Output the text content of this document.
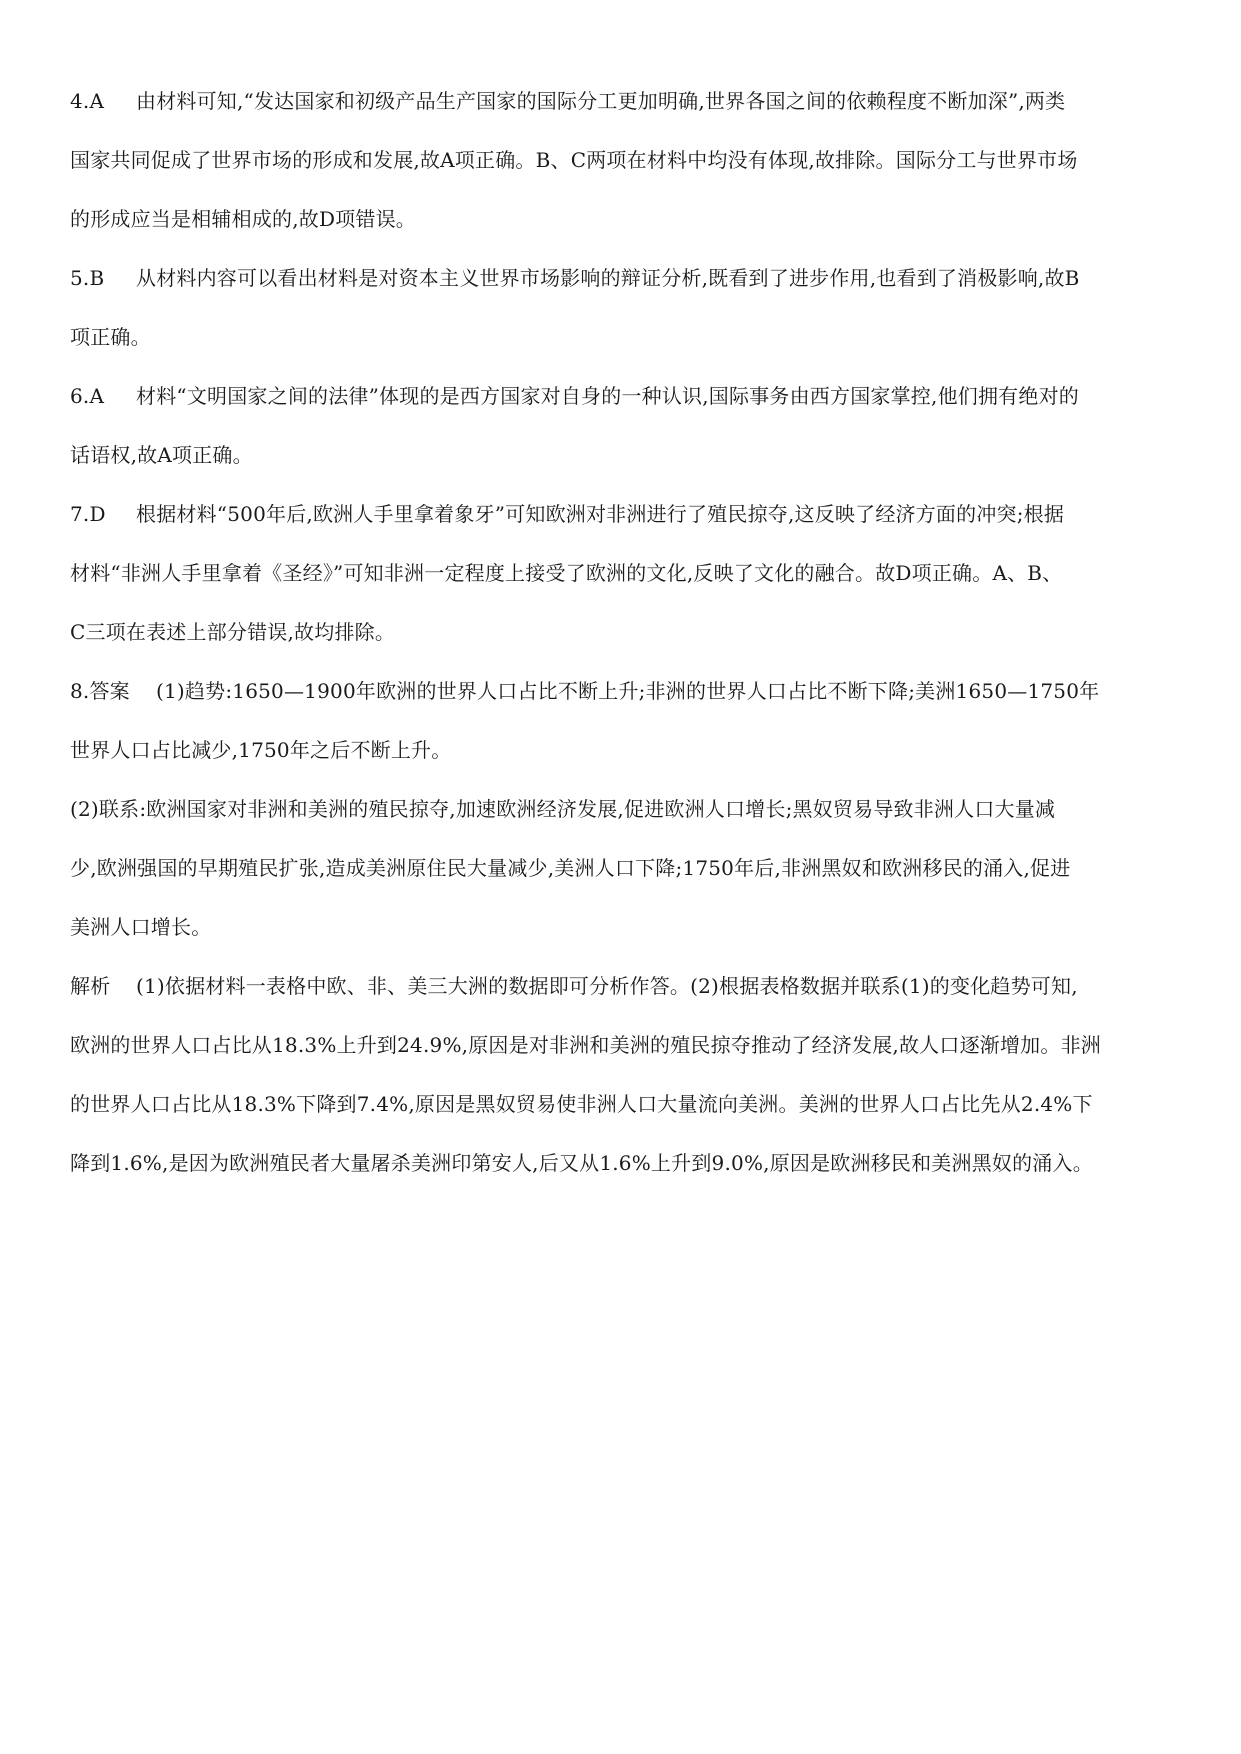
4.A 由材料可知,“发达国家和初级产品生产国家的国际分工更加明确,世界各国之间的依赖程度不断加深”,两类
国家共同促成了世界市场的形成和发展,故A项正确。B、C两项在材料中均没有体现,故排除。国际分工与世界市场
的形成应当是相辅相成的,故D项错误。
5.B 从材料内容可以看出材料是对资本主义世界市场影响的辩证分析,既看到了进步作用,也看到了消极影响,故B
项正确。
6.A 材料“文明国家之间的法律”体现的是西方国家对自身的一种认识,国际事务由西方国家掌控,他们拥有绝对的
话语权,故A项正确。
7.D 根据材料“500年后,欧洲人手里拿着象牙”可知欧洲对非洲进行了殖民掠夺,这反映了经济方面的冲突;根据
材料“非洲人手里拿着《圣经》”可知非洲一定程度上接受了欧洲的文化,反映了文化的融合。故D项正确。A、B、
C三项在表述上部分错误,故均排除。
8.答案 (1)趋势:1650—1900年欧洲的世界人口占比不断上升;非洲的世界人口占比不断下降;美洲1650—1750年
世界人口占比减少,1750年之后不断上升。
(2)联系:欧洲国家对非洲和美洲的殖民掠夺,加速欧洲经济发展,促进欧洲人口增长;黑奴贸易导致非洲人口大量减
少,欧洲强国的早期殖民扩张,造成美洲原住民大量减少,美洲人口下降;1750年后,非洲黑奴和欧洲移民的涌入,促进
美洲人口增长。
解析 (1)依据材料一表格中欧、非、美三大洲的数据即可分析作答。(2)根据表格数据并联系(1)的变化趋势可知,
欧洲的世界人口占比从18.3%上升到24.9%,原因是对非洲和美洲的殖民掠夺推动了经济发展,故人口逐渐增加。非洲
的世界人口占比从18.3%下降到7.4%,原因是黑奴贸易使非洲人口大量流向美洲。美洲的世界人口占比先从2.4%下
降到1.6%,是因为欧洲殖民者大量屠杀美洲印第安人,后又从1.6%上升到9.0%,原因是欧洲移民和美洲黑奴的涌入。
